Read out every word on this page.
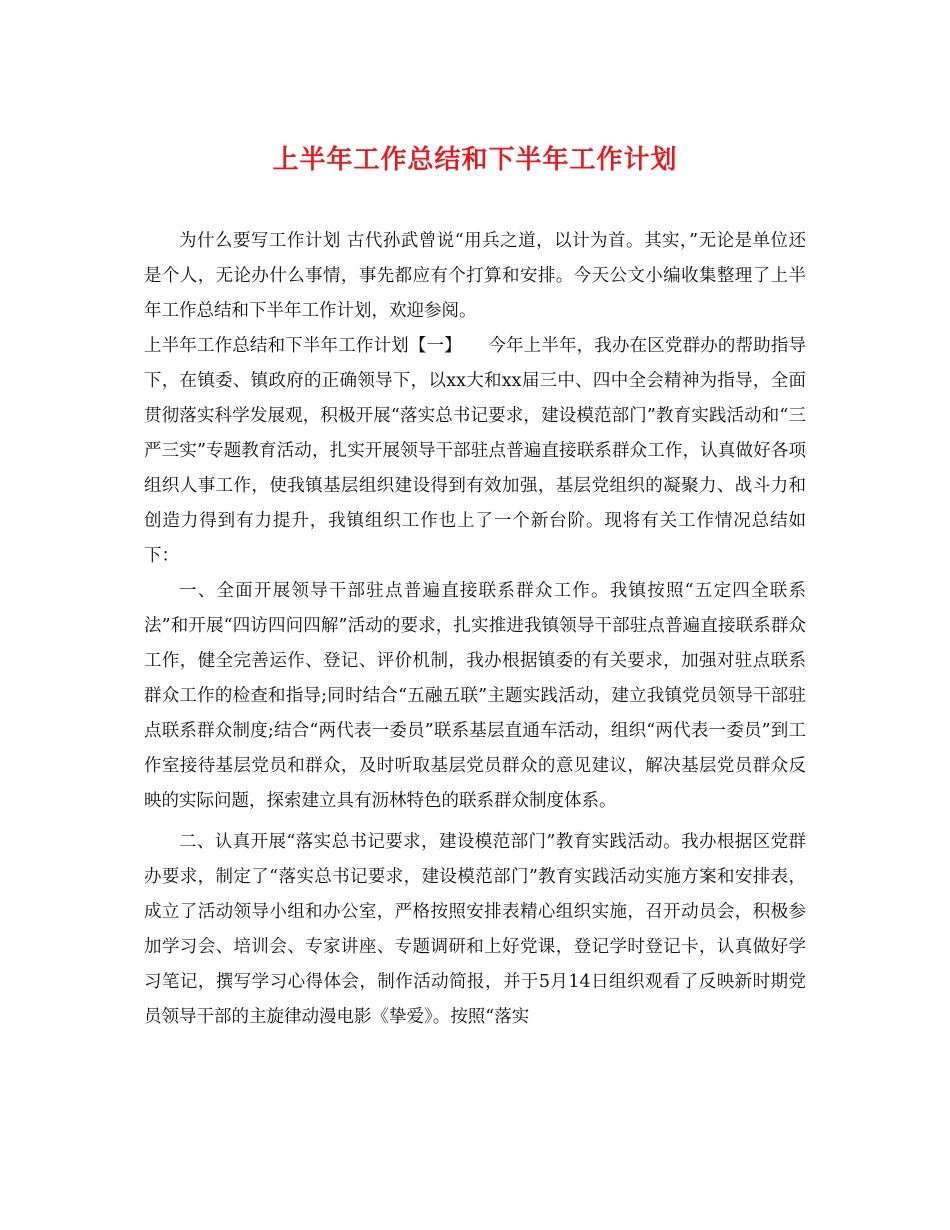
上半年工作总结和下半年工作计划

为什么要写工作计划 古代孙武曾说“用兵之道，以计为首。其实，”无论是单位还是个人，无论办什么事情，事先都应有个打算和安排。今天公文小编收集整理了上半年工作总结和下半年工作计划，欢迎参阅。

上半年工作总结和下半年工作计划【一】　　今年上半年，我办在区党群办的帮助指导下，在镇委、镇政府的正确领导下，以xx大和xx届三中、四中全会精神为指导，全面贯彻落实科学发展观，积极开展“落实总书记要求，建设模范部门”教育实践活动和“三严三实”专题教育活动，扎实开展领导干部驻点普遍直接联系群众工作，认真做好各项组织人事工作，使我镇基层组织建设得到有效加强，基层党组织的凝聚力、战斗力和创造力得到有力提升，我镇组织工作也上了一个新台阶。现将有关工作情况总结如下：

一、全面开展领导干部驻点普遍直接联系群众工作。我镇按照“五定四全联系法”和开展“四访四问四解”活动的要求，扎实推进我镇领导干部驻点普遍直接联系群众工作，健全完善运作、登记、评价机制，我办根据镇委的有关要求，加强对驻点联系群众工作的检查和指导;同时结合“五融五联”主题实践活动，建立我镇党员领导干部驻点联系群众制度;结合“两代表一委员”联系基层直通车活动，组织“两代表一委员”到工作室接待基层党员和群众，及时听取基层党员群众的意见建议，解决基层党员群众反映的实际问题，探索建立具有沥林特色的联系群众制度体系。

二、认真开展“落实总书记要求，建设模范部门”教育实践活动。我办根据区党群办要求，制定了“落实总书记要求，建设模范部门”教育实践活动实施方案和安排表，成立了活动领导小组和办公室，严格按照安排表精心组织实施，召开动员会，积极参加学习会、培训会、专家讲座、专题调研和上好党课，登记学时登记卡，认真做好学习笔记，撰写学习心得体会，制作活动简报，并于5月14日组织观看了反映新时期党员领导干部的主旋律动漫电影《挚爱》。按照“落实
